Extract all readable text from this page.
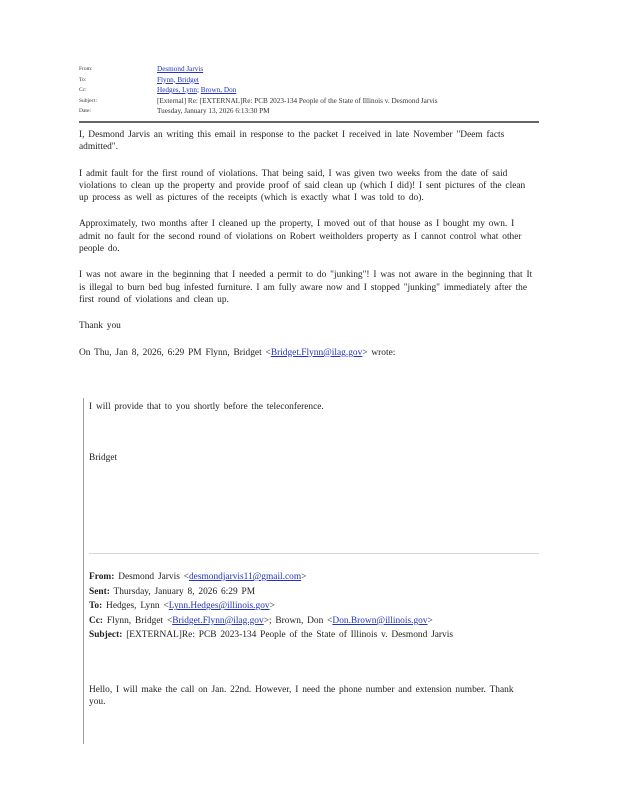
From:	Desmond Jarvis
To:	Flynn, Bridget
Cc:	Hedges, Lynn; Brown, Don
Subject:	[External] Re: [EXTERNAL]Re: PCB 2023-134 People of the State of Illinois v. Desmond Jarvis
Date:	Tuesday, January 13, 2026 6:13:30 PM

I, Desmond Jarvis an writing this email in response to the packet I received in late November "Deem facts admitted".

I admit fault for the first round of violations. That being said, I was given two weeks from the date of said violations to clean up the property and provide proof of said clean up (which I did)! I sent pictures of the clean up process as well as pictures of the receipts (which is exactly what I was told to do).

Approximately, two months after I cleaned up the property, I moved out of that house as I bought my own. I admit no fault for the second round of violations on Robert weitholders property as I cannot control what other people do.

I was not aware in the beginning that I needed a permit to do "junking"! I was not aware in the beginning that It is illegal to burn bed bug infested furniture. I am fully aware now and I stopped "junking" immediately after the first round of violations and clean up.

Thank you

On Thu, Jan 8, 2026, 6:29 PM Flynn, Bridget <Bridget.Flynn@ilag.gov> wrote:

I will provide that to you shortly before the teleconference.
Bridget
From: Desmond Jarvis <desmondjarvis11@gmail.com>
Sent: Thursday, January 8, 2026 6:29 PM
To: Hedges, Lynn <Lynn.Hedges@illinois.gov>
Cc: Flynn, Bridget <Bridget.Flynn@ilag.gov>; Brown, Don <Don.Brown@illinois.gov>
Subject: [EXTERNAL]Re: PCB 2023-134 People of the State of Illinois v. Desmond Jarvis
Hello, I will make the call on Jan. 22nd. However, I need the phone number and extension number. Thank you.
